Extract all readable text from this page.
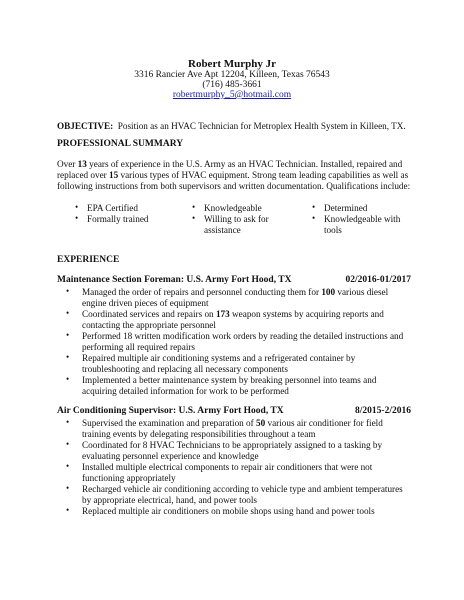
Robert Murphy Jr
3316 Rancier Ave Apt 12204, Killeen, Texas 76543
(716) 485-3661
robertmurphy_5@hotmail.com
OBJECTIVE: Position as an HVAC Technician for Metroplex Health System in Killeen, TX.
PROFESSIONAL SUMMARY
Over 13 years of experience in the U.S. Army as an HVAC Technician. Installed, repaired and
replaced over 15 various types of HVAC equipment. Strong team leading capabilities as well as
following instructions from both supervisors and written documentation. Qualifications include:
• EPA Certified
• Formally trained
• Knowledgeable
• Willing to ask for
assistance
• Determined
• Knowledgeable with
tools
EXPERIENCE
Maintenance Section Foreman: U.S. Army Fort Hood, TX	02/2016-01/2017
• Managed the order of repairs and personnel conducting them for 100 various diesel
engine driven pieces of equipment
• Coordinated services and repairs on 173 weapon systems by acquiring reports and
contacting the appropriate personnel
• Performed 18 written modification work orders by reading the detailed instructions and
performing all required repairs
• Repaired multiple air conditioning systems and a refrigerated container by
troubleshooting and replacing all necessary components
• Implemented a better maintenance system by breaking personnel into teams and
acquiring detailed information for work to be performed
Air Conditioning Supervisor: U.S. Army Fort Hood, TX	8/2015-2/2016
• Supervised the examination and preparation of 50 various air conditioner for field
training events by delegating responsibilities throughout a team
• Coordinated for 8 HVAC Technicians to be appropriately assigned to a tasking by
evaluating personnel experience and knowledge
• Installed multiple electrical components to repair air conditioners that were not
functioning appropriately
• Recharged vehicle air conditioning according to vehicle type and ambient temperatures
by appropriate electrical, hand, and power tools
• Replaced multiple air conditioners on mobile shops using hand and power tools
